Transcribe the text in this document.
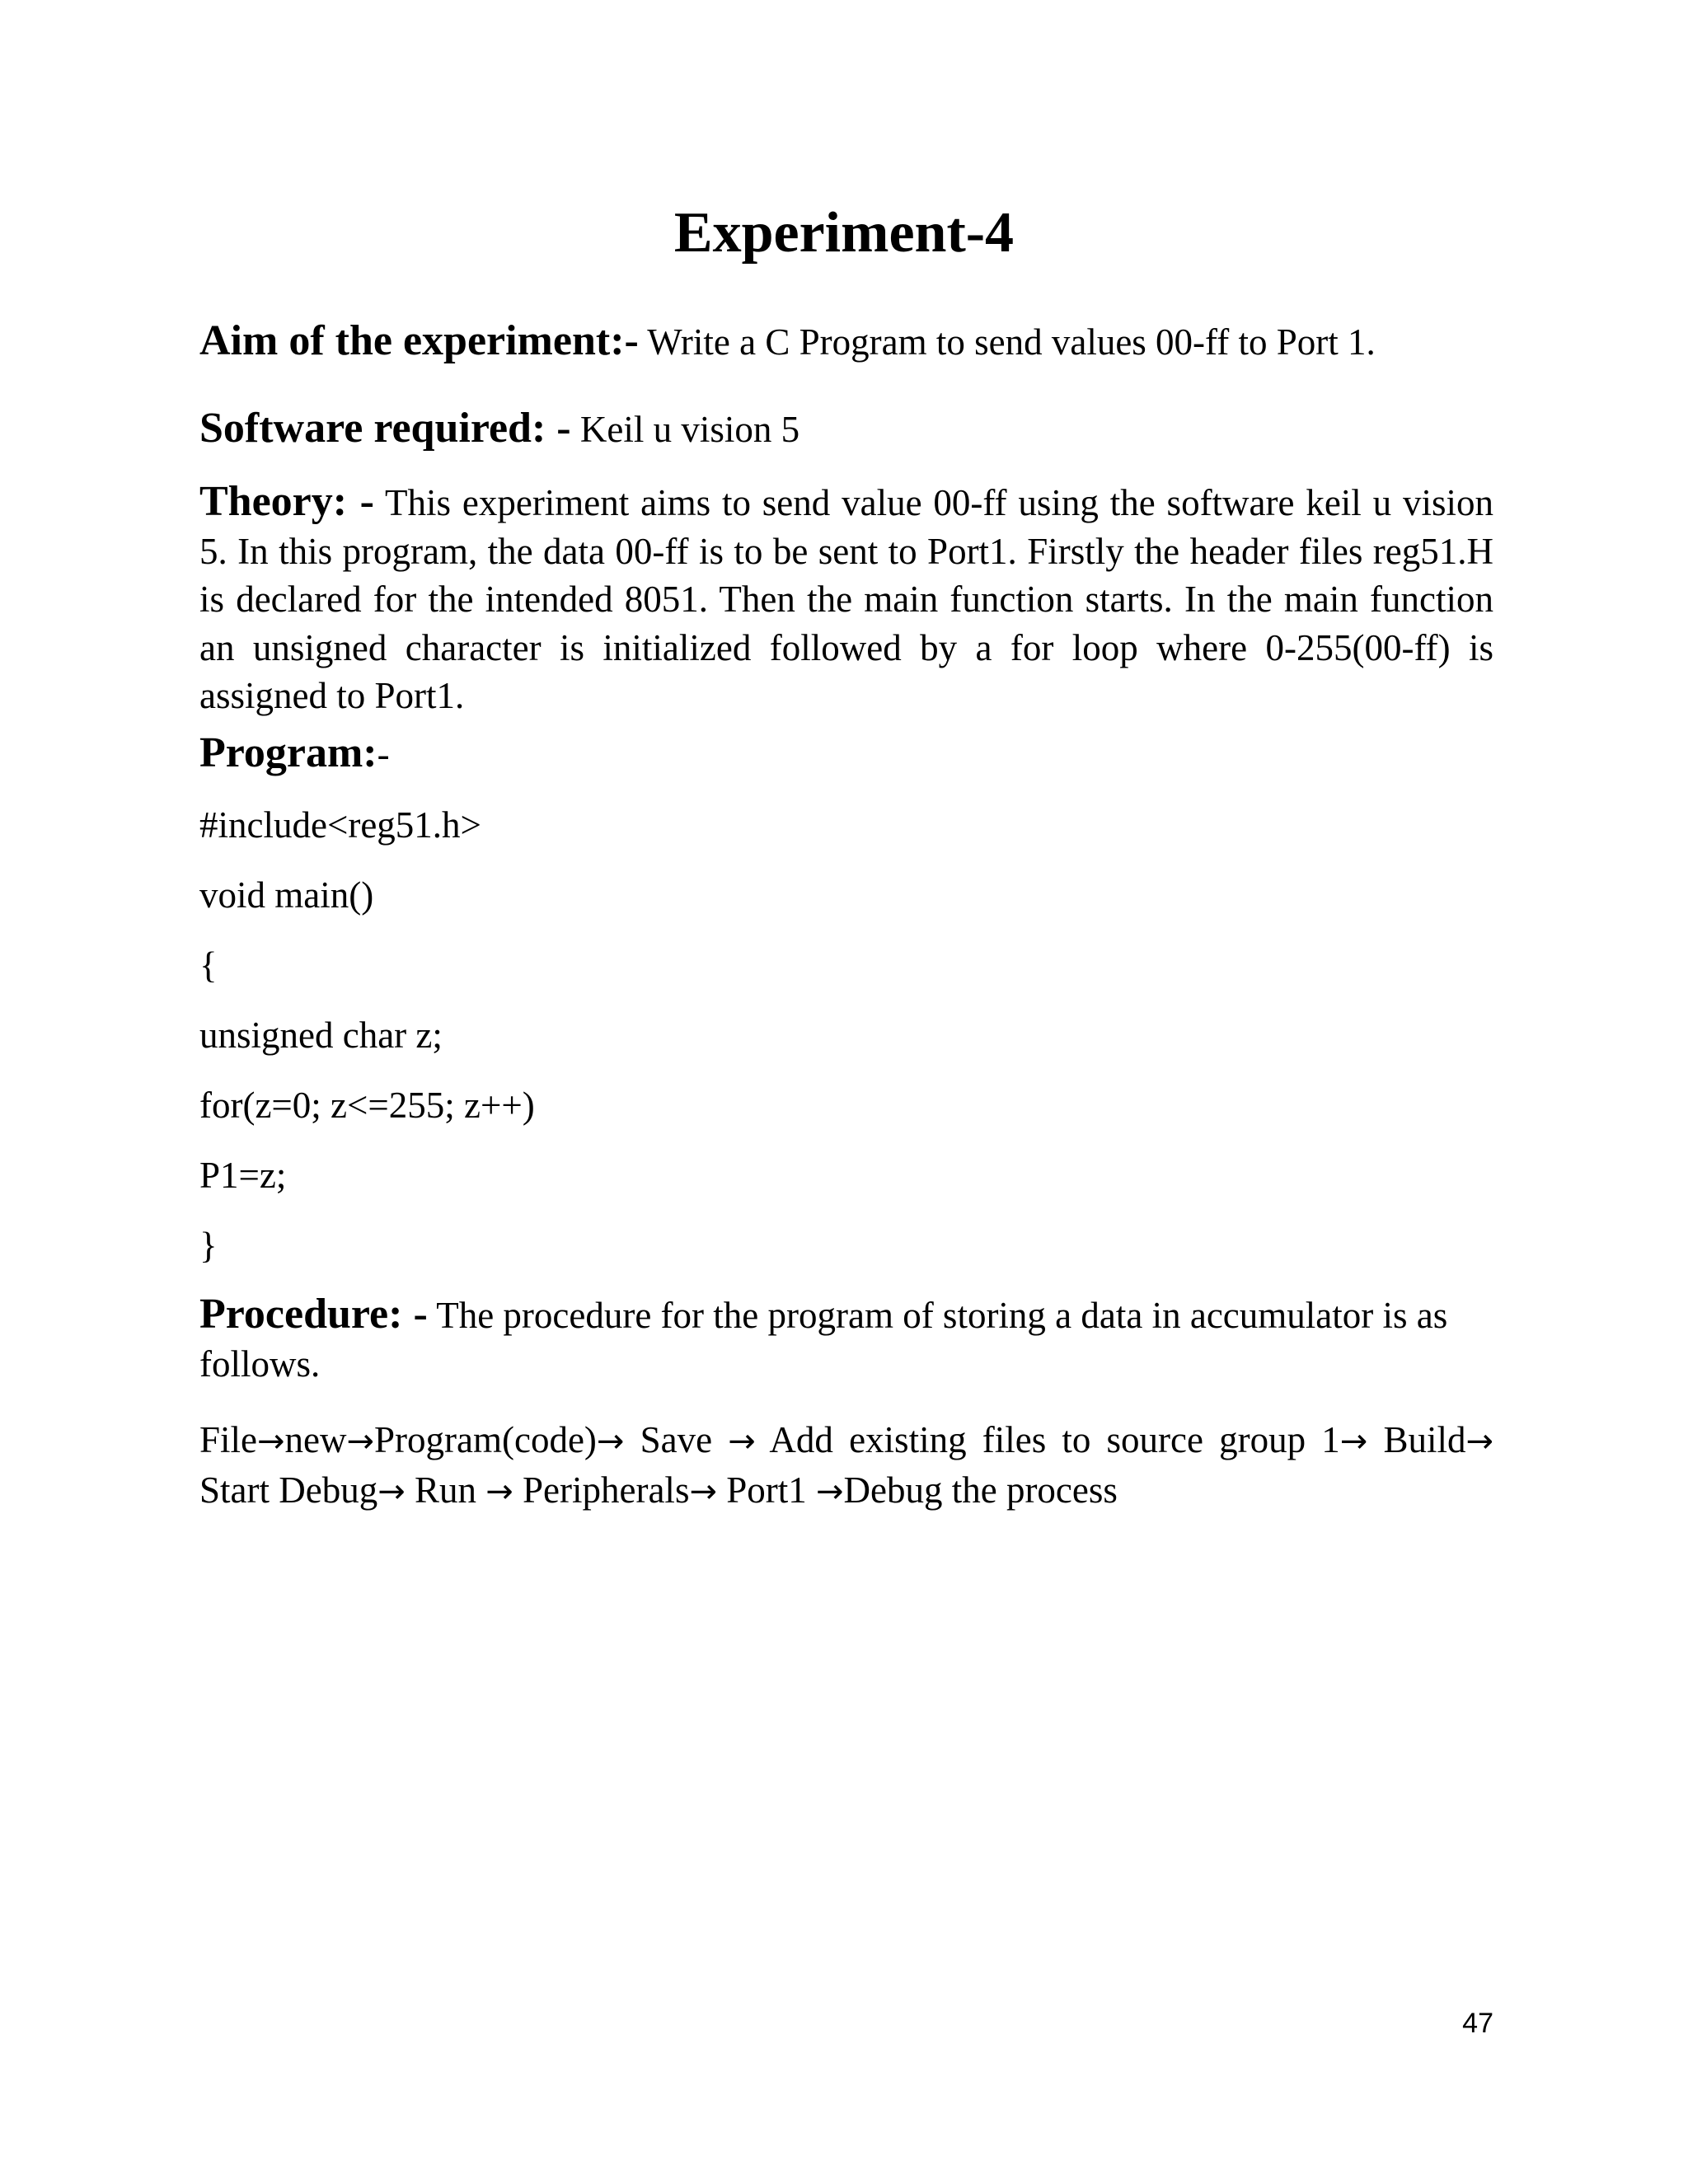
Experiment-4

Aim of the experiment:- Write a C Program to send values 00-ff to Port 1.

Software required: - Keil u vision 5

Theory: - This experiment aims to send value 00-ff using the software keil u vision 5. In this program, the data 00-ff is to be sent to Port1. Firstly the header files reg51.H is declared for the intended 8051. Then the main function starts. In the main function an unsigned character is initialized followed by a for loop where 0-255(00-ff) is assigned to Port1.

Program:-

#include<reg51.h>
void main()
{
unsigned char z;
for(z=0; z<=255; z++)
P1=z;
}

Procedure: - The procedure for the program of storing a data in accumulator is as follows.

File→new→Program(code)→ Save → Add existing files to source group 1→ Build→ Start Debug→ Run → Peripherals→ Port1 →Debug the process

47
